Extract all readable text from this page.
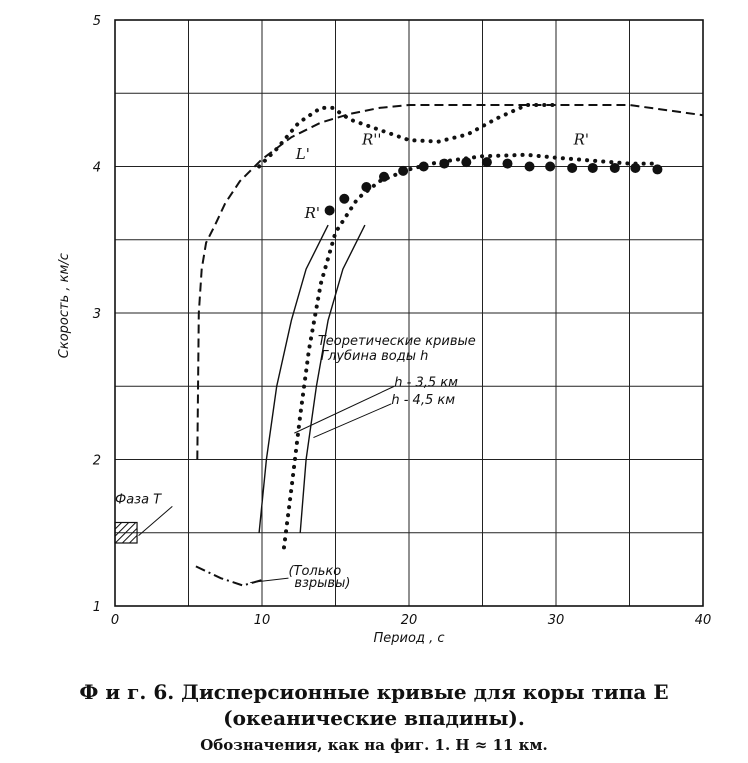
0	10	20	30	40
1
2
3
4
5
L'
R''	R'
R'
Теоретические кривые
Глубина воды h
h - 3,5 км
h - 4,5 км
Фаза T
(Только
взрывы)
Период , с
Скорость , км/с
Ф и г. 6. Дисперсионные кривые для коры типа E
(океанические впадины).
Обозначения, как на фиг. 1. H ≈ 11 км.
